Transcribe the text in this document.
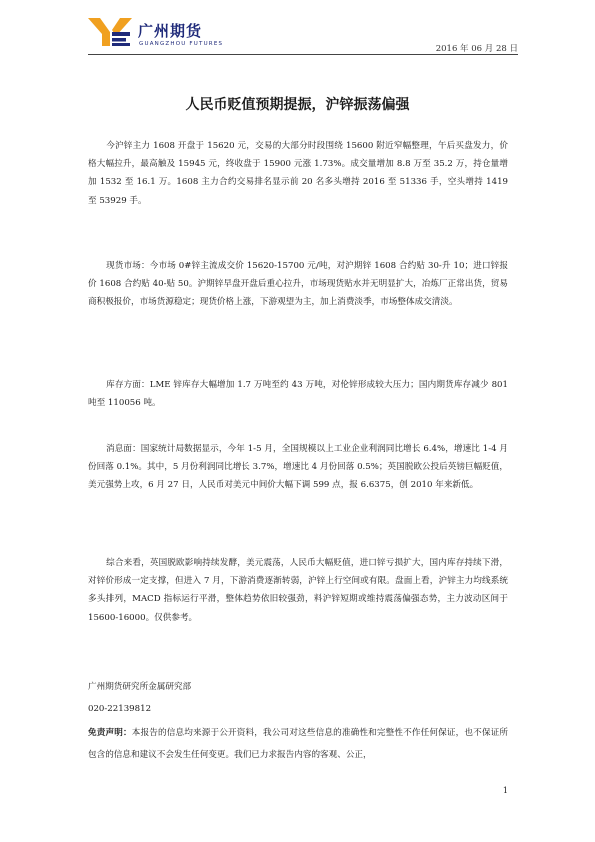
广州期货
GUANGZHOU FUTURES	2016 年 06 月 28 日
人民币贬值预期提振，沪锌振荡偏强

今沪锌主力 1608 开盘于 15620 元，交易的大部分时段围绕 15600 附近窄幅整理，午后买盘发力，价格大幅拉升，最高触及 15945 元，终收盘于 15900 元涨 1.73%。成交量增加 8.8 万至 35.2 万，持仓量增加 1532 至 16.1 万。1608 主力合约交易排名显示前 20 名多头增持 2016 至 51336 手，空头增持 1419 至 53929 手。

现货市场：今市场 0#锌主流成交价 15620-15700 元/吨，对沪期锌 1608 合约贴 30-升 10；进口锌报价 1608 合约贴 40-贴 50。沪期锌早盘开盘后重心拉升，市场现货贴水并无明显扩大，冶炼厂正常出货，贸易商积极报价，市场货源稳定；现货价格上涨，下游观望为主，加上消费淡季，市场整体成交清淡。

库存方面：LME 锌库存大幅增加 1.7 万吨至约 43 万吨，对伦锌形成较大压力；国内期货库存减少 801 吨至 110056 吨。

消息面：国家统计局数据显示，今年 1-5 月，全国规模以上工业企业利润同比增长 6.4%，增速比 1-4 月份回落 0.1%。其中，5 月份利润同比增长 3.7%，增速比 4 月份回落 0.5%；英国脱欧公投后英镑巨幅贬值，美元强势上攻，6 月 27 日，人民币对美元中间价大幅下调 599 点，报 6.6375，创 2010 年来新低。

综合来看，英国脱欧影响持续发酵，美元震荡，人民币大幅贬值，进口锌亏损扩大，国内库存持续下滑，对锌价形成一定支撑，但进入 7 月，下游消费逐渐转弱，沪锌上行空间或有限。盘面上看，沪锌主力均线系统多头排列，MACD 指标运行平滑，整体趋势依旧较强劲，料沪锌短期或维持震荡偏强态势，主力波动区间于 15600-16000。仅供参考。

广州期货研究所金属研究部
020-22139812

免责声明：本报告的信息均来源于公开资料，我公司对这些信息的准确性和完整性不作任何保证，也不保证所包含的信息和建议不会发生任何变更。我们已力求报告内容的客观、公正，

1
